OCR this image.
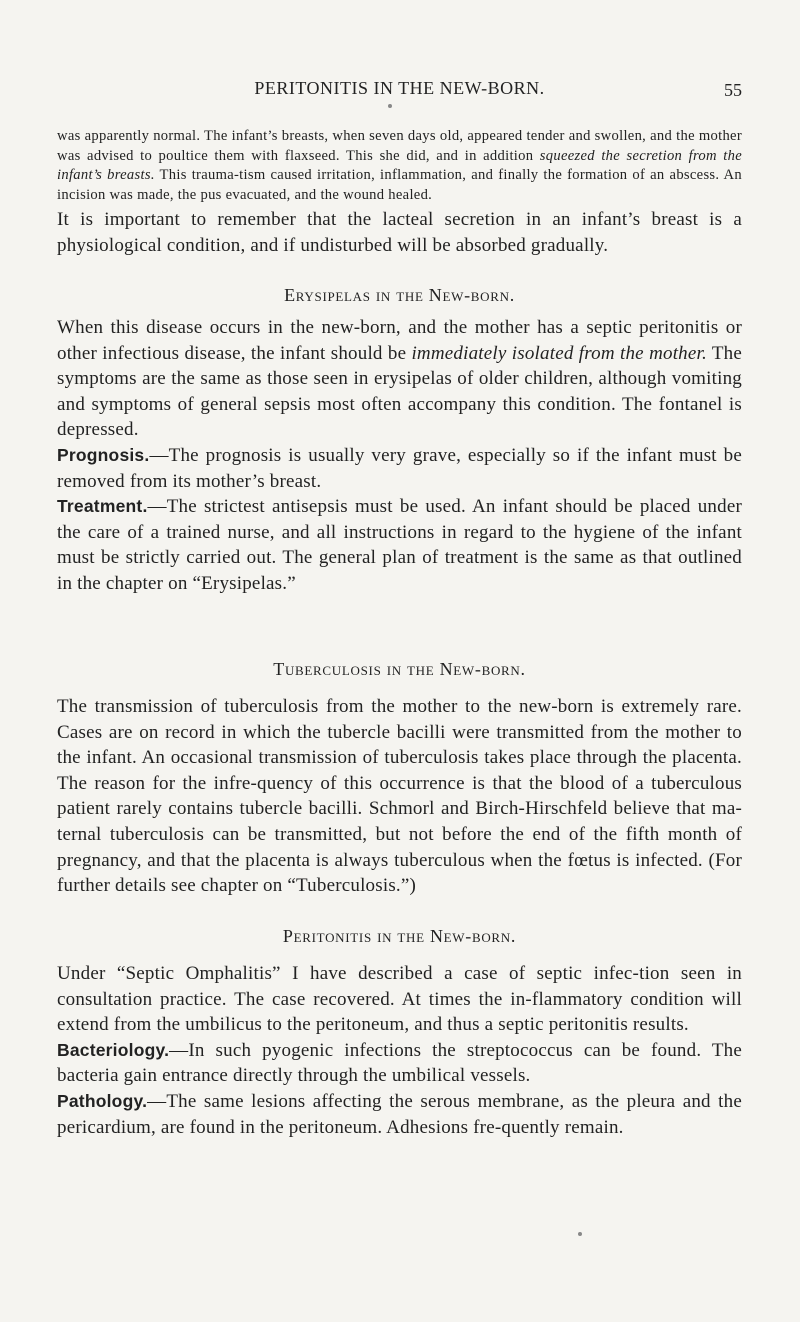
PERITONITIS IN THE NEW-BORN.	55

was apparently normal. The infant’s breasts, when seven days old, appeared tender and swollen, and the mother was advised to poultice them with flaxseed. This she did, and in addition squeezed the secretion from the infant’s breasts. This trauma-tism caused irritation, inflammation, and finally the formation of an abscess. An incision was made, the pus evacuated, and the wound healed.

It is important to remember that the lacteal secretion in an infant’s breast is a physiological condition, and if undisturbed will be absorbed gradually.

Erysipelas in the New-born.

When this disease occurs in the new-born, and the mother has a septic peritonitis or other infectious disease, the infant should be immediately isolated from the mother. The symptoms are the same as those seen in erysipelas of older children, although vomiting and symptoms of general sepsis most often accompany this condition. The fontanel is depressed.

Prognosis.—The prognosis is usually very grave, especially so if the infant must be removed from its mother’s breast.

Treatment.—The strictest antisepsis must be used. An infant should be placed under the care of a trained nurse, and all instructions in regard to the hygiene of the infant must be strictly carried out. The general plan of treatment is the same as that outlined in the chapter on “Erysipelas.”

Tuberculosis in the New-born.

The transmission of tuberculosis from the mother to the new-born is extremely rare. Cases are on record in which the tubercle bacilli were transmitted from the mother to the infant. An occasional transmission of tuberculosis takes place through the placenta. The reason for the infre-quency of this occurrence is that the blood of a tuberculous patient rarely contains tubercle bacilli. Schmorl and Birch-Hirschfeld believe that ma-ternal tuberculosis can be transmitted, but not before the end of the fifth month of pregnancy, and that the placenta is always tuberculous when the fœtus is infected. (For further details see chapter on “Tuberculosis.”)

Peritonitis in the New-born.

Under “Septic Omphalitis” I have described a case of septic infec-tion seen in consultation practice. The case recovered. At times the in-flammatory condition will extend from the umbilicus to the peritoneum, and thus a septic peritonitis results.

Bacteriology.—In such pyogenic infections the streptococcus can be found. The bacteria gain entrance directly through the umbilical vessels.

Pathology.—The same lesions affecting the serous membrane, as the pleura and the pericardium, are found in the peritoneum. Adhesions fre-quently remain.
